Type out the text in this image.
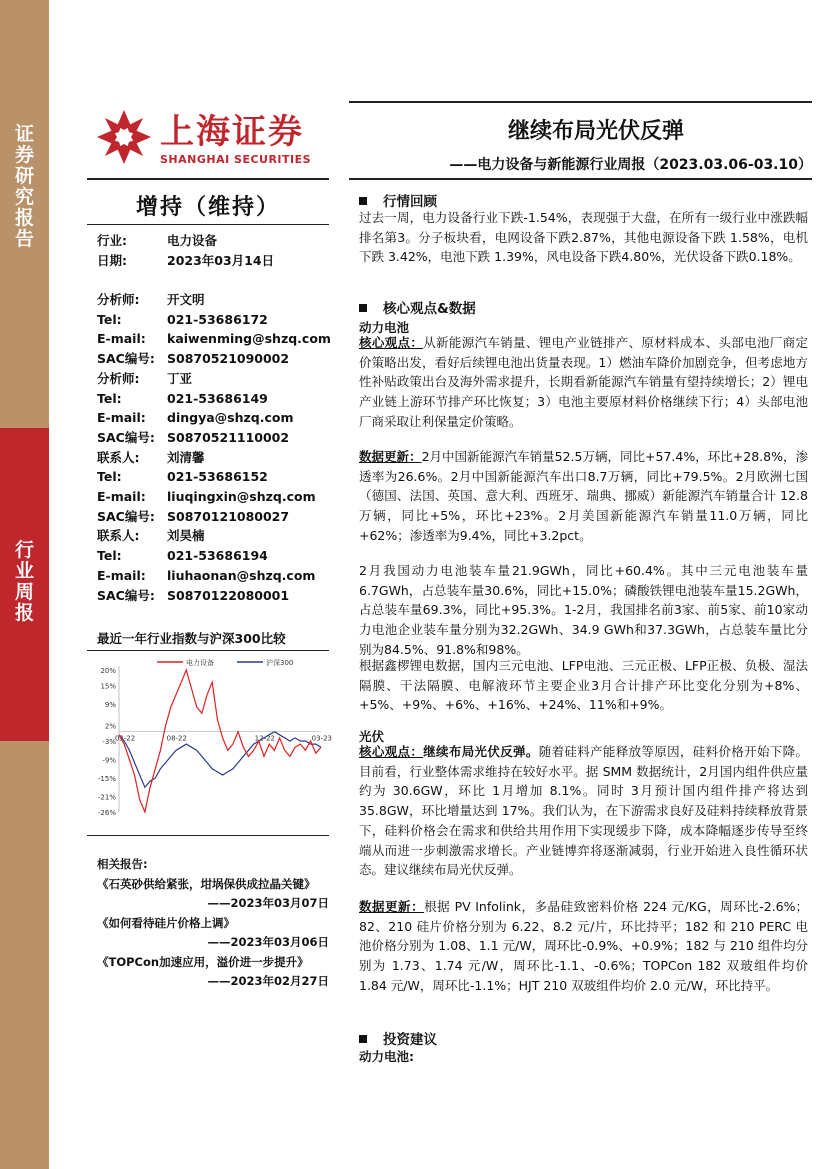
证
券
研
究
报
告
行
业
周
报
上海证券
SHANGHAI SECURITIES
继续布局光伏反弹
——电力设备与新能源行业周报（2023.03.06-03.10）
增持（维持）
行业:	电力设备
日期:	2023年03月14日
分析师: 开文明
Tel:	021-53686172
E-mail: kaiwenming@shzq.com
SAC编号: S0870521090002
分析师: 丁亚
Tel:	021-53686149
E-mail: dingya@shzq.com
SAC编号: S0870521110002
联系人: 刘清馨
Tel:	021-53686152
E-mail: liuqingxin@shzq.com
SAC编号: S0870121080027
联系人: 刘昊楠
Tel:	021-53686194
E-mail: liuhaonan@shzq.com
SAC编号: S0870122080001
最近一年行业指数与沪深300比较
20%
15%
9%
2%
-3%
-9%
-15%
-21%
-26%
03-22	08-22	12-22	03-23
电力设备	沪深300
相关报告:
《石英砂供给紧张，坩埚保供成拉晶关键》
——2023年03月07日
《如何看待硅片价格上调》
——2023年03月06日
《TOPCon加速应用，溢价进一步提升》
——2023年02月27日
行情回顾
过去一周，电力设备行业下跌-1.54%，表现强于大盘，在所有一级行业中涨跌幅排名第3。分子板块看，电网设备下跌2.87%，其他电源设备下跌 1.58%，电机下跌 3.42%，电池下跌 1.39%，风电设备下跌4.80%，光伏设备下跌0.18%。
核心观点&数据
动力电池
核心观点：从新能源汽车销量、锂电产业链排产、原材料成本、头部电池厂商定价策略出发，看好后续锂电池出货量表现。1）燃油车降价加剧竞争，但考虑地方性补贴政策出台及海外需求提升，长期看新能源汽车销量有望持续增长；2）锂电产业链上游环节排产环比恢复；3）电池主要原材料价格继续下行；4）头部电池厂商采取让利保量定价策略。
数据更新：2月中国新能源汽车销量52.5万辆，同比+57.4%，环比+28.8%，渗透率为26.6%。2月中国新能源汽车出口8.7万辆，同比+79.5%。2月欧洲七国（德国、法国、英国、意大利、西班牙、瑞典、挪威）新能源汽车销量合计 12.8 万辆，同比+5%，环比+23%。2月美国新能源汽车销量11.0万辆，同比+62%；渗透率为9.4%，同比+3.2pct。
2月我国动力电池装车量21.9GWh，同比+60.4%。其中三元电池装车量6.7GWh，占总装车量30.6%，同比+15.0%；磷酸铁锂电池装车量15.2GWh，占总装车量69.3%，同比+95.3%。1-2月，我国排名前3家、前5家、前10家动力电池企业装车量分别为32.2GWh、34.9 GWh和37.3GWh，占总装车量比分别为84.5%、91.8%和98%。
根据鑫椤锂电数据，国内三元电池、LFP电池、三元正极、LFP正极、负极、湿法隔膜、干法隔膜、电解液环节主要企业3月合计排产环比变化分别为+8%、+5%、+9%、+6%、+16%、+24%、11%和+9%。
光伏
核心观点：继续布局光伏反弹。随着硅料产能释放等原因，硅料价格开始下降。目前看，行业整体需求维持在较好水平。据 SMM 数据统计，2月国内组件供应量约为 30.6GW，环比 1月增加 8.1%。同时 3月预计国内组件排产将达到 35.8GW，环比增量达到 17%。我们认为，在下游需求良好及硅料持续释放背景下，硅料价格会在需求和供给共用作用下实现缓步下降，成本降幅逐步传导至终端从而进一步刺激需求增长。产业链博弈将逐渐减弱，行业开始进入良性循环状态。建议继续布局光伏反弹。
数据更新：根据 PV Infolink，多晶硅致密料价格 224 元/KG，周环比-2.6%；82、210 硅片价格分别为 6.22、8.2 元/片，环比持平；182 和 210 PERC 电池价格分别为 1.08、1.1 元/W，周环比-0.9%、+0.9%；182 与 210 组件均分别为 1.73、1.74 元/W，周环比-1.1、-0.6%；TOPCon 182 双玻组件均价 1.84 元/W，周环比-1.1%；HJT 210 双玻组件均价 2.0 元/W，环比持平。
投资建议
动力电池:
